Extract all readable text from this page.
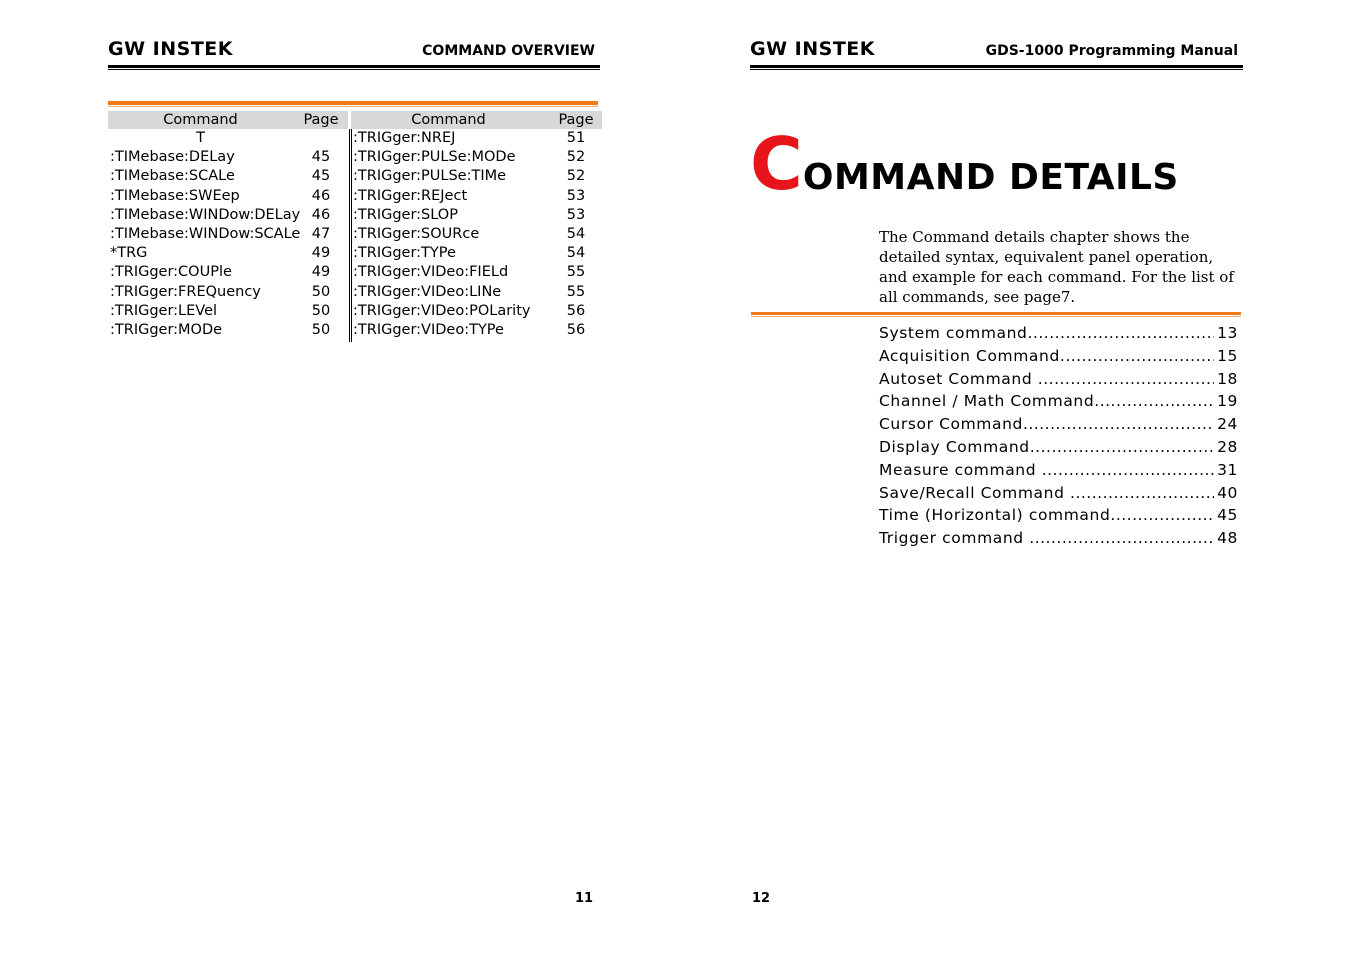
GW INSTEK	COMMAND OVERVIEW
Command	Page
T
:TIMebase:DELay	45
:TIMebase:SCALe	45
:TIMebase:SWEep	46
:TIMebase:WINDow:DELay 46
:TIMebase:WINDow:SCALe 47
*TRG	49
:TRIGger:COUPle	49
:TRIGger:FREQuency	50
:TRIGger:LEVel	50
:TRIGger:MODe	50
Command	Page
:TRIGger:NREJ	51
:TRIGger:PULSe:MODe	52
:TRIGger:PULSe:TIMe	52
:TRIGger:REJect	53
:TRIGger:SLOP	53
:TRIGger:SOURce	54
:TRIGger:TYPe	54
:TRIGger:VIDeo:FIELd	55
:TRIGger:VIDeo:LINe	55
:TRIGger:VIDeo:POLarity	56
:TRIGger:VIDeo:TYPe	56
11
GW INSTEK	GDS-1000 Programming Manual
COMMAND DETAILS
The Command details chapter shows the detailed syntax, equivalent panel operation, and example for each command. For the list of all commands, see page7.
System command .....	13
Acquisition Command .....	15
Autoset Command .....	18
Channel / Math Command .....	19
Cursor Command .....	24
Display Command .....	28
Measure command .....	31
Save/Recall Command .....	40
Time (Horizontal) command .....	45
Trigger command .....	48
12
